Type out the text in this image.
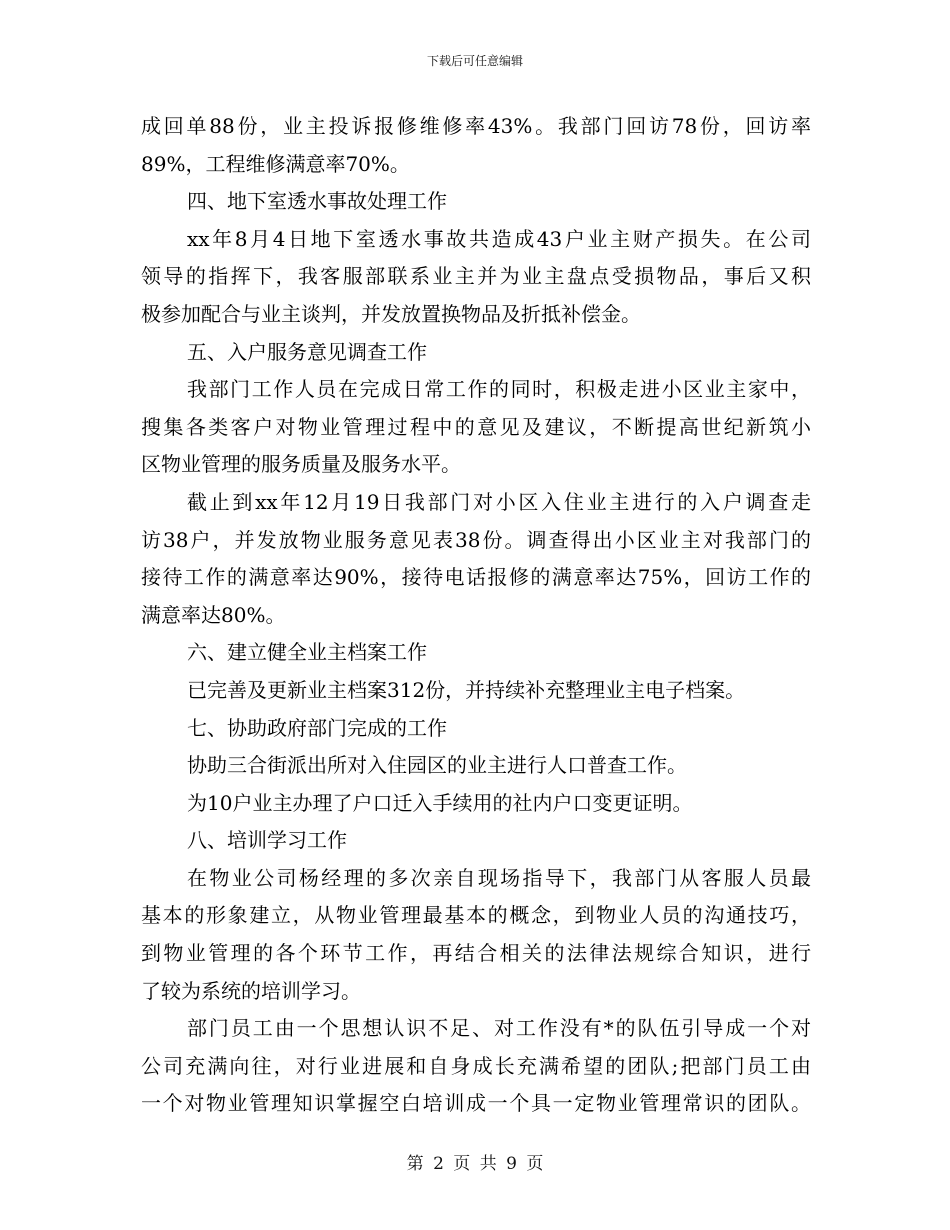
下载后可任意编辑
成回单88份，业主投诉报修维修率43%。我部门回访78份，回访率
89%，工程维修满意率70%。
四、地下室透水事故处理工作
xx年8月4日地下室透水事故共造成43户业主财产损失。在公司
领导的指挥下，我客服部联系业主并为业主盘点受损物品，事后又积
极参加配合与业主谈判，并发放置换物品及折抵补偿金。
五、入户服务意见调查工作
我部门工作人员在完成日常工作的同时，积极走进小区业主家中，
搜集各类客户对物业管理过程中的意见及建议，不断提高世纪新筑小
区物业管理的服务质量及服务水平。
截止到xx年12月19日我部门对小区入住业主进行的入户调查走
访38户，并发放物业服务意见表38份。调查得出小区业主对我部门的
接待工作的满意率达90%，接待电话报修的满意率达75%，回访工作的
满意率达80%。
六、建立健全业主档案工作
已完善及更新业主档案312份，并持续补充整理业主电子档案。
七、协助政府部门完成的工作
协助三合街派出所对入住园区的业主进行人口普查工作。
为10户业主办理了户口迁入手续用的社内户口变更证明。
八、培训学习工作
在物业公司杨经理的多次亲自现场指导下，我部门从客服人员最
基本的形象建立，从物业管理最基本的概念，到物业人员的沟通技巧，
到物业管理的各个环节工作，再结合相关的法律法规综合知识，进行
了较为系统的培训学习。
部门员工由一个思想认识不足、对工作没有*的队伍引导成一个对
公司充满向往，对行业进展和自身成长充满希望的团队;把部门员工由
一个对物业管理知识掌握空白培训成一个具一定物业管理常识的团队。
第 2 页 共 9 页
